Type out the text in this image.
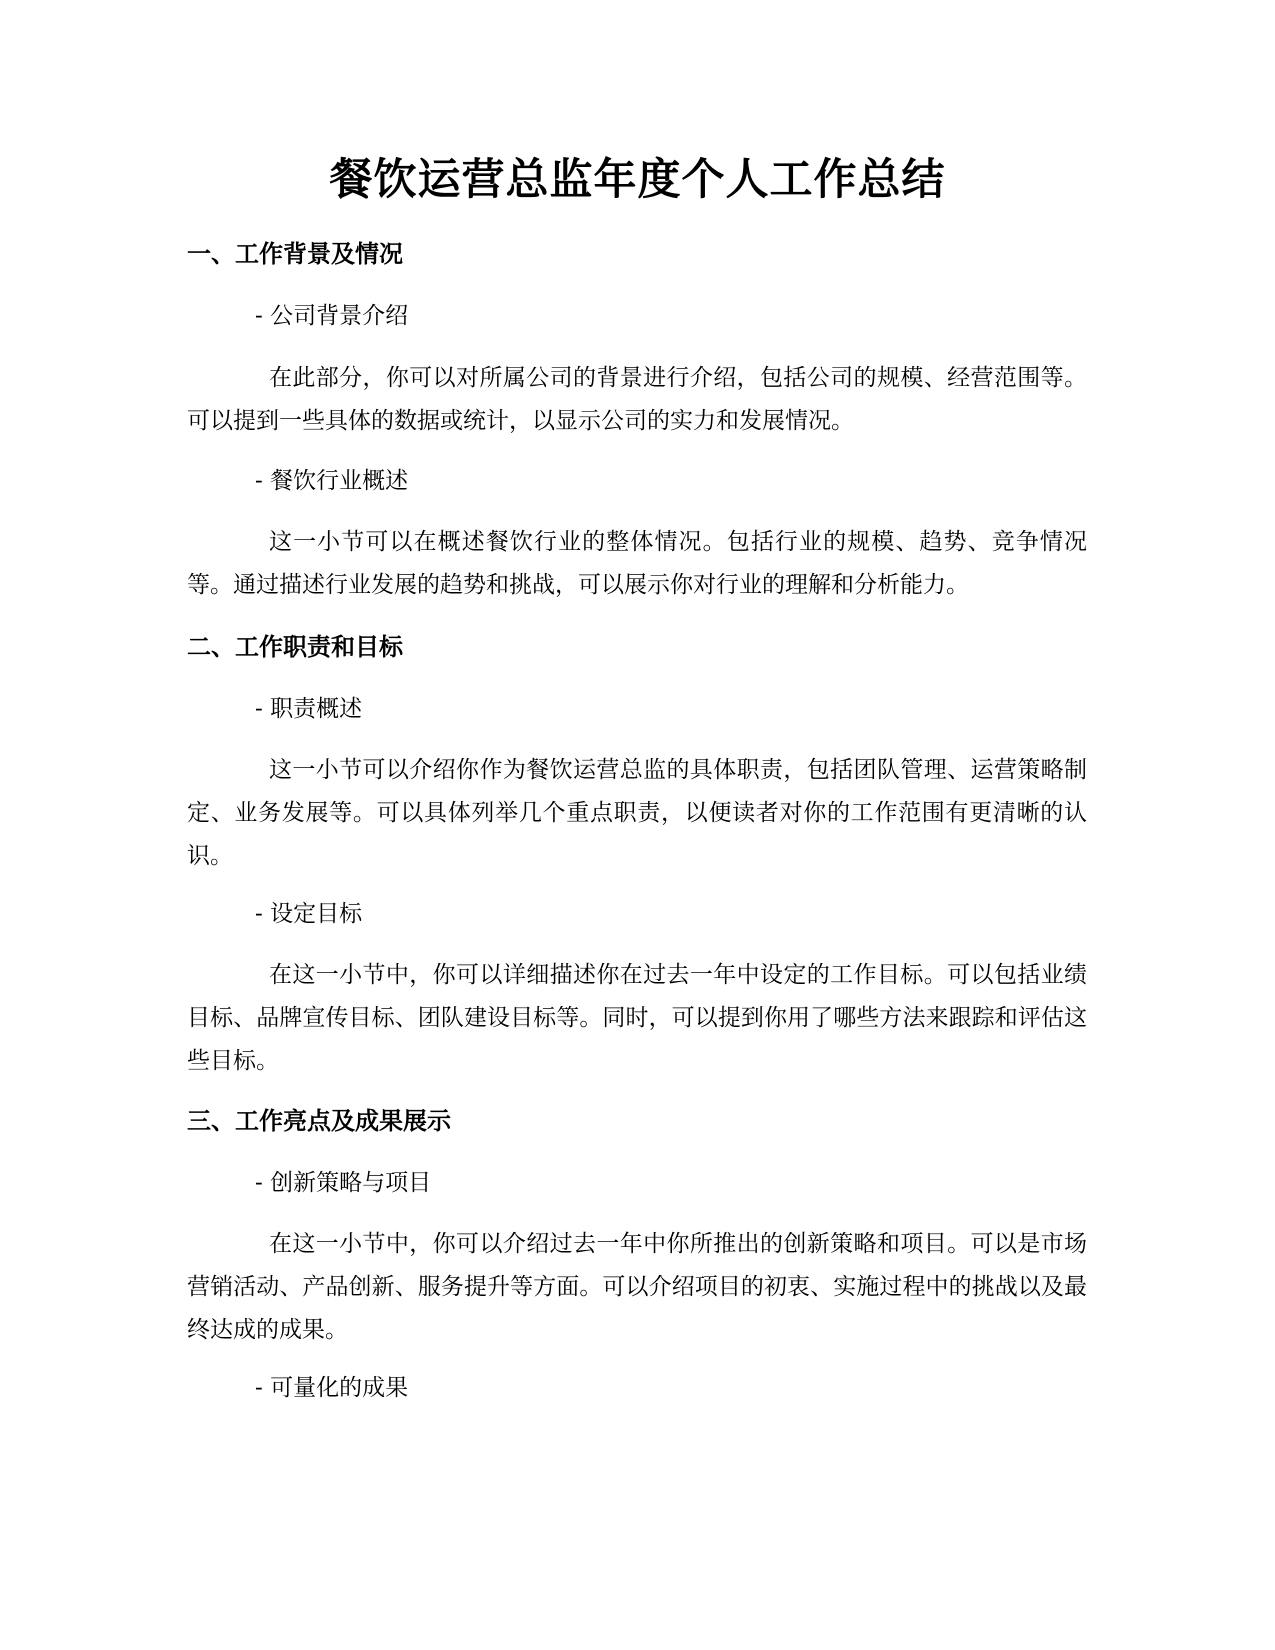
餐饮运营总监年度个人工作总结
一、工作背景及情况

- 公司背景介绍

在此部分，你可以对所属公司的背景进行介绍，包括公司的规模、经营范围等。可以提到一些具体的数据或统计，以显示公司的实力和发展情况。

- 餐饮行业概述

这一小节可以在概述餐饮行业的整体情况。包括行业的规模、趋势、竞争情况等。通过描述行业发展的趋势和挑战，可以展示你对行业的理解和分析能力。

二、工作职责和目标

- 职责概述

这一小节可以介绍你作为餐饮运营总监的具体职责，包括团队管理、运营策略制定、业务发展等。可以具体列举几个重点职责，以便读者对你的工作范围有更清晰的认识。

- 设定目标

在这一小节中，你可以详细描述你在过去一年中设定的工作目标。可以包括业绩目标、品牌宣传目标、团队建设目标等。同时，可以提到你用了哪些方法来跟踪和评估这些目标。

三、工作亮点及成果展示

- 创新策略与项目

在这一小节中，你可以介绍过去一年中你所推出的创新策略和项目。可以是市场营销活动、产品创新、服务提升等方面。可以介绍项目的初衷、实施过程中的挑战以及最终达成的成果。

- 可量化的成果
